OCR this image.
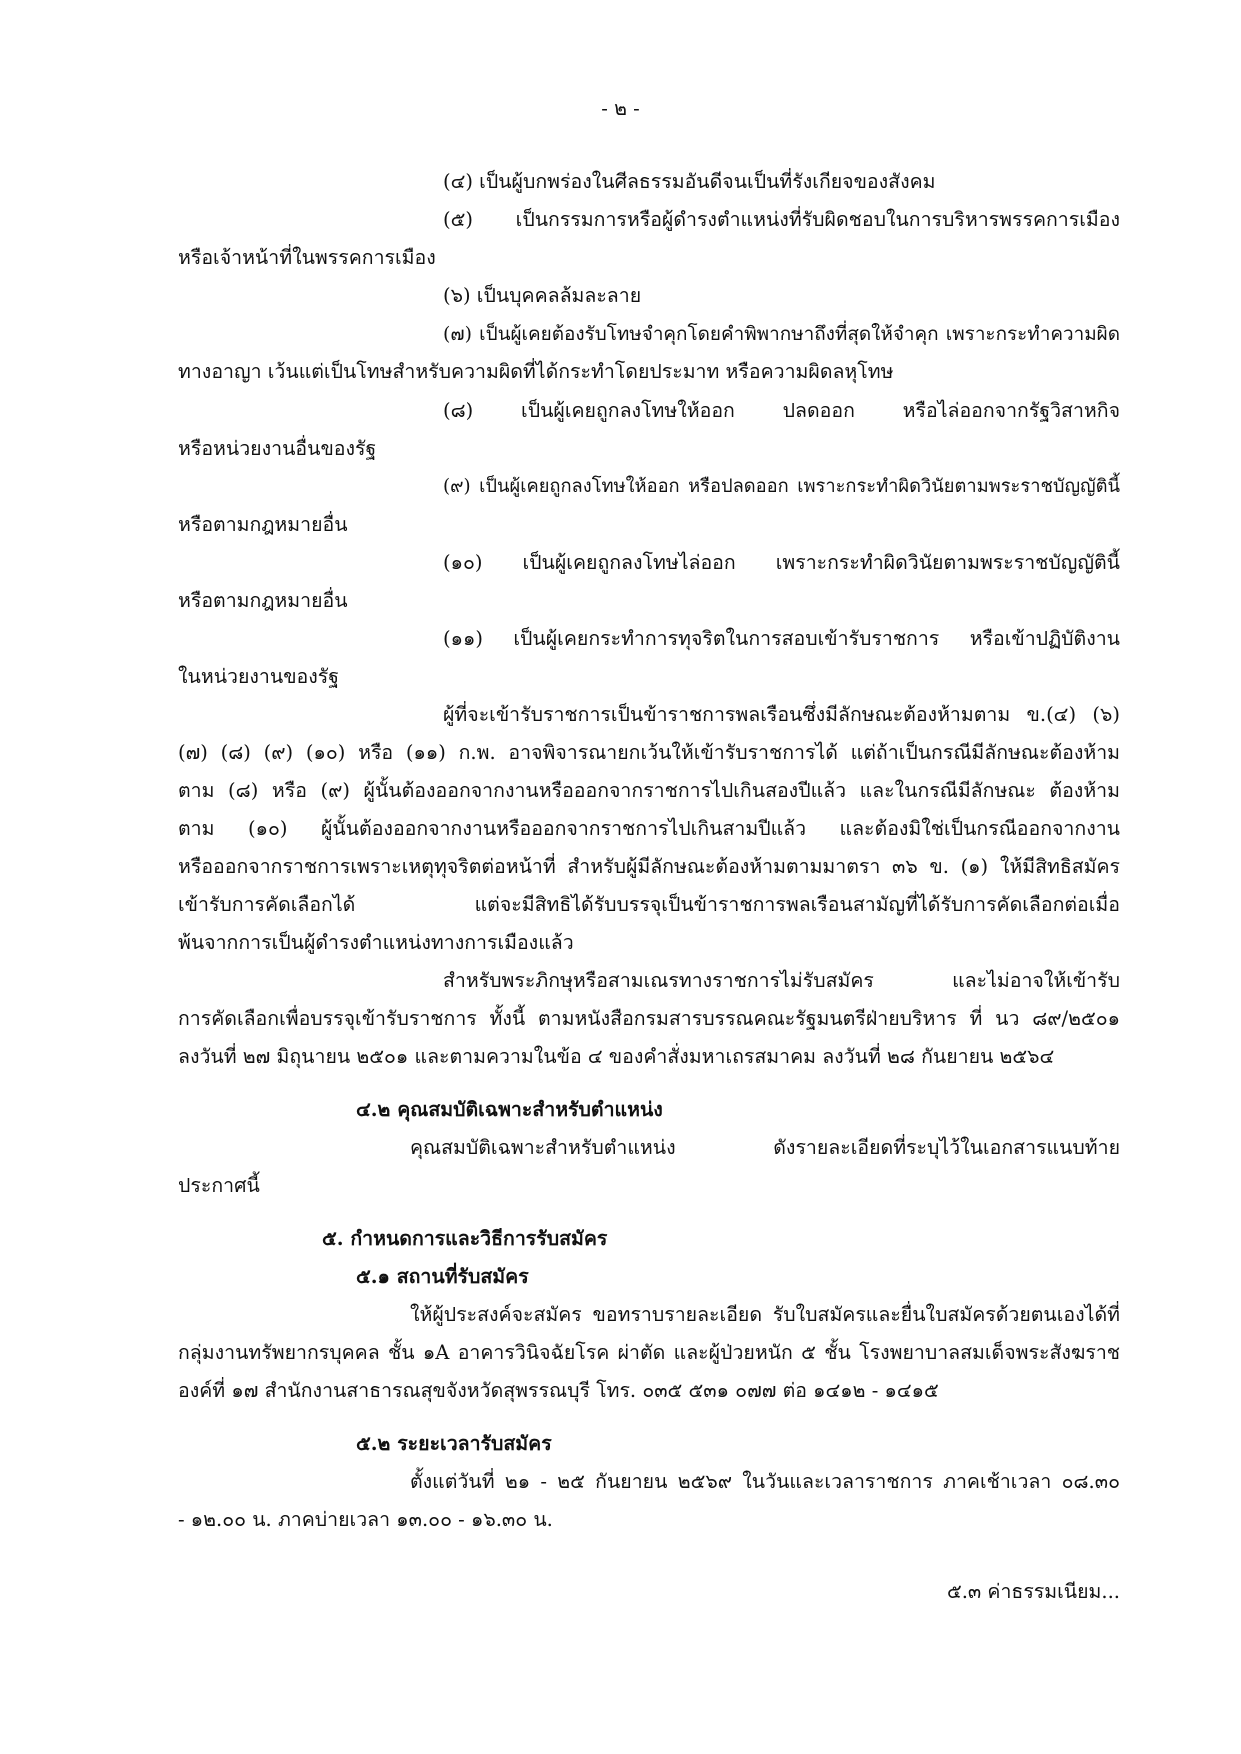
- ๒ -

(๔) เป็นผู้บกพร่องในศีลธรรมอันดีจนเป็นที่รังเกียจของสังคม

(๕) เป็นกรรมการหรือผู้ดำรงตำแหน่งที่รับผิดชอบในการบริหารพรรคการเมือง

หรือเจ้าหน้าที่ในพรรคการเมือง

(๖) เป็นบุคคลล้มละลาย

(๗) เป็นผู้เคยต้องรับโทษจำคุกโดยคำพิพากษาถึงที่สุดให้จำคุก เพราะกระทำความผิด

ทางอาญา เว้นแต่เป็นโทษสำหรับความผิดที่ได้กระทำโดยประมาท หรือความผิดลหุโทษ

(๘) เป็นผู้เคยถูกลงโทษให้ออก ปลดออก หรือไล่ออกจากรัฐวิสาหกิจ

หรือหน่วยงานอื่นของรัฐ

(๙) เป็นผู้เคยถูกลงโทษให้ออก หรือปลดออก เพราะกระทำผิดวินัยตามพระราชบัญญัตินี้

หรือตามกฎหมายอื่น

(๑๐) เป็นผู้เคยถูกลงโทษไล่ออก เพราะกระทำผิดวินัยตามพระราชบัญญัตินี้

หรือตามกฎหมายอื่น

(๑๑) เป็นผู้เคยกระทำการทุจริตในการสอบเข้ารับราชการ หรือเข้าปฏิบัติงาน

ในหน่วยงานของรัฐ

ผู้ที่จะเข้ารับราชการเป็นข้าราชการพลเรือนซึ่งมีลักษณะต้องห้ามตาม ข.(๔) (๖)

(๗) (๘) (๙) (๑๐) หรือ (๑๑) ก.พ. อาจพิจารณายกเว้นให้เข้ารับราชการได้ แต่ถ้าเป็นกรณีมีลักษณะต้องห้าม

ตาม (๘) หรือ (๙) ผู้นั้นต้องออกจากงานหรือออกจากราชการไปเกินสองปีแล้ว และในกรณีมีลักษณะ ต้องห้าม

ตาม (๑๐) ผู้นั้นต้องออกจากงานหรือออกจากราชการไปเกินสามปีแล้ว และต้องมิใช่เป็นกรณีออกจากงาน

หรือออกจากราชการเพราะเหตุทุจริตต่อหน้าที่ สำหรับผู้มีลักษณะต้องห้ามตามมาตรา ๓๖ ข. (๑) ให้มีสิทธิสมัคร

เข้ารับการคัดเลือกได้ แต่จะมีสิทธิได้รับบรรจุเป็นข้าราชการพลเรือนสามัญที่ได้รับการคัดเลือกต่อเมื่อ

พ้นจากการเป็นผู้ดำรงตำแหน่งทางการเมืองแล้ว

สำหรับพระภิกษุหรือสามเณรทางราชการไม่รับสมัคร และไม่อาจให้เข้ารับ

การคัดเลือกเพื่อบรรจุเข้ารับราชการ ทั้งนี้ ตามหนังสือกรมสารบรรณคณะรัฐมนตรีฝ่ายบริหาร ที่ นว ๘๙/๒๕๐๑

ลงวันที่ ๒๗ มิถุนายน ๒๕๐๑ และตามความในข้อ ๔ ของคำสั่งมหาเถรสมาคม ลงวันที่ ๒๘ กันยายน ๒๕๖๔

๔.๒ คุณสมบัติเฉพาะสำหรับตำแหน่ง

คุณสมบัติเฉพาะสำหรับตำแหน่ง ดังรายละเอียดที่ระบุไว้ในเอกสารแนบท้าย

ประกาศนี้

๕. กำหนดการและวิธีการรับสมัคร

๕.๑ สถานที่รับสมัคร

ให้ผู้ประสงค์จะสมัคร ขอทราบรายละเอียด รับใบสมัครและยื่นใบสมัครด้วยตนเองได้ที่

กลุ่มงานทรัพยากรบุคคล ชั้น ๑A อาคารวินิจฉัยโรค ผ่าตัด และผู้ป่วยหนัก ๕ ชั้น โรงพยาบาลสมเด็จพระสังฆราช

องค์ที่ ๑๗ สำนักงานสาธารณสุขจังหวัดสุพรรณบุรี โทร. ๐๓๕ ๕๓๑ ๐๗๗ ต่อ ๑๔๑๒ - ๑๔๑๕

๕.๒ ระยะเวลารับสมัคร

ตั้งแต่วันที่ ๒๑ - ๒๕ กันยายน ๒๕๖๙ ในวันและเวลาราชการ ภาคเช้าเวลา ๐๘.๓๐

- ๑๒.๐๐ น. ภาคบ่ายเวลา ๑๓.๐๐ - ๑๖.๓๐ น.

๕.๓ ค่าธรรมเนียม...
